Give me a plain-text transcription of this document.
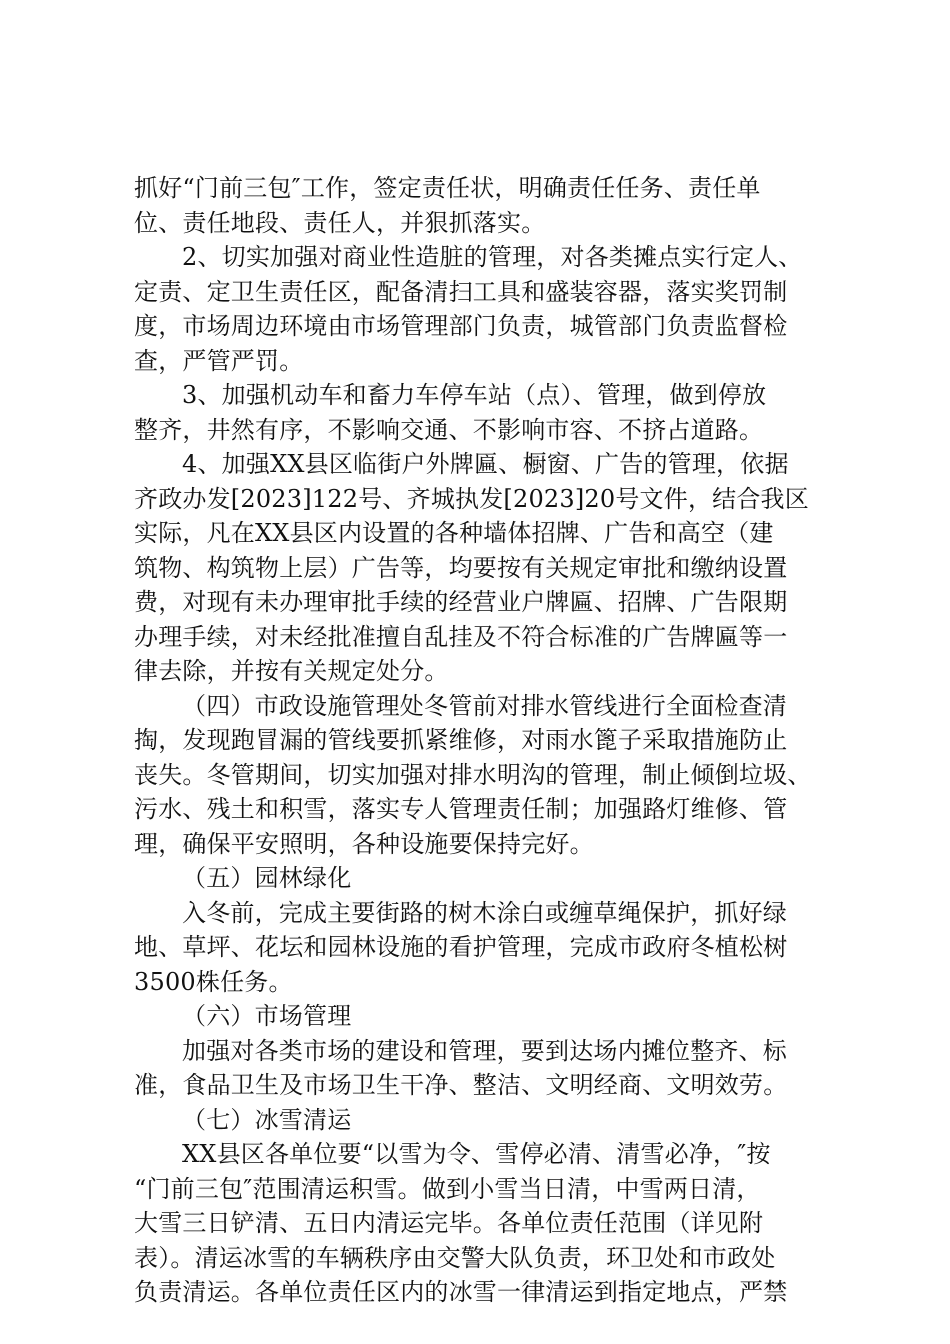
抓好“门前三包″工作，签定责任状，明确责任任务、责任单
位、责任地段、责任人，并狠抓落实。
2、切实加强对商业性造脏的管理，对各类摊点实行定人、
定责、定卫生责任区，配备清扫工具和盛装容器，落实奖罚制
度，市场周边环境由市场管理部门负责，城管部门负责监督检
查，严管严罚。
3、加强机动车和畜力车停车站（点）、管理，做到停放
整齐，井然有序，不影响交通、不影响市容、不挤占道路。
4、加强XX县区临街户外牌匾、橱窗、广告的管理，依据
齐政办发[2023]122号、齐城执发[2023]20号文件，结合我区
实际，凡在XX县区内设置的各种墙体招牌、广告和高空（建
筑物、构筑物上层）广告等，均要按有关规定审批和缴纳设置
费，对现有未办理审批手续的经营业户牌匾、招牌、广告限期
办理手续，对未经批准擅自乱挂及不符合标准的广告牌匾等一
律去除，并按有关规定处分。
（四）市政设施管理处冬管前对排水管线进行全面检查清
掏，发现跑冒漏的管线要抓紧维修，对雨水篦子采取措施防止
丧失。冬管期间，切实加强对排水明沟的管理，制止倾倒垃圾、
污水、残土和积雪，落实专人管理责任制；加强路灯维修、管
理，确保平安照明，各种设施要保持完好。
（五）园林绿化
入冬前，完成主要街路的树木涂白或缠草绳保护，抓好绿
地、草坪、花坛和园林设施的看护管理，完成市政府冬植松树
3500株任务。
（六）市场管理
加强对各类市场的建设和管理，要到达场内摊位整齐、标
准，食品卫生及市场卫生干净、整洁、文明经商、文明效劳。
（七）冰雪清运
XX县区各单位要“以雪为令、雪停必清、清雪必净，″按
“门前三包″范围清运积雪。做到小雪当日清，中雪两日清，
大雪三日铲清、五日内清运完毕。各单位责任范围（详见附
表）。清运冰雪的车辆秩序由交警大队负责，环卫处和市政处
负责清运。各单位责任区内的冰雪一律清运到指定地点，严禁
